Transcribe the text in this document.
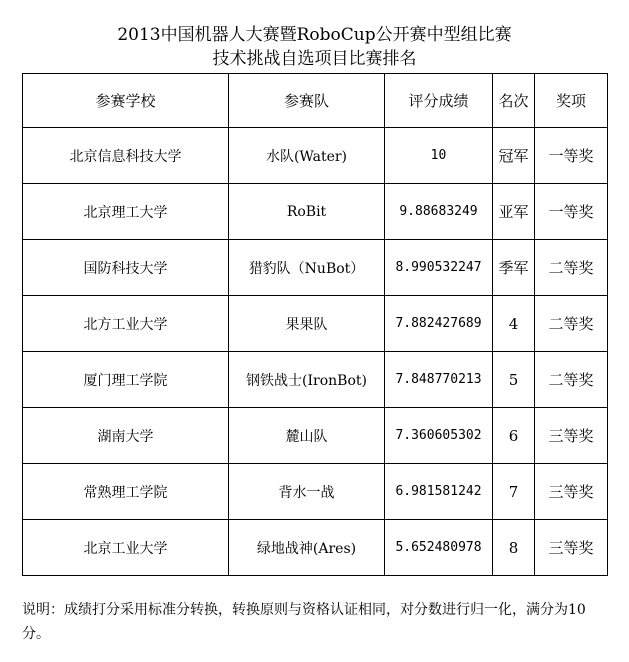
2013中国机器人大赛暨RoboCup公开赛中型组比赛
技术挑战自选项目比赛排名
参赛学校	参赛队	评分成绩	名次	奖项
北京信息科技大学	水队(Water)	10	冠军	一等奖
北京理工大学	RoBit	9.88683249	亚军	一等奖
国防科技大学	猎豹队（NuBot）	8.990532247	季军	二等奖
北方工业大学	果果队	7.882427689	4	二等奖
厦门理工学院	钢铁战士(IronBot)	7.848770213	5	二等奖
湖南大学	麓山队	7.360605302	6	三等奖
常熟理工学院	背水一战	6.981581242	7	三等奖
北京工业大学	绿地战神(Ares)	5.652480978	8	三等奖
说明：成绩打分采用标准分转换，转换原则与资格认证相同，对分数进行归一化，满分为10分。
